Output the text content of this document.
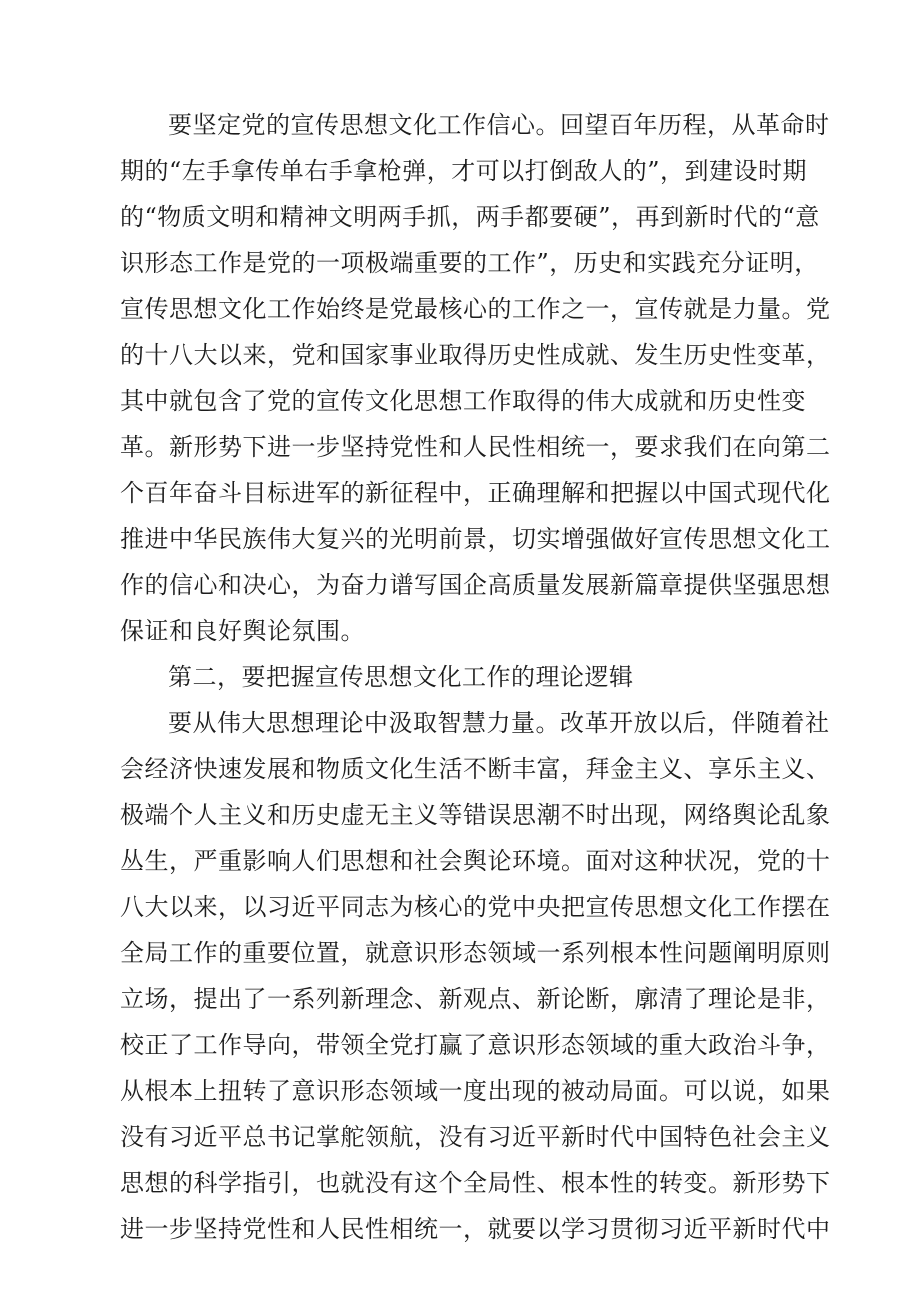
要坚定党的宣传思想文化工作信心。回望百年历程，从革命时
期的“左手拿传单右手拿枪弹，才可以打倒敌人的”，到建设时期
的“物质文明和精神文明两手抓，两手都要硬”，再到新时代的“意
识形态工作是党的一项极端重要的工作”，历史和实践充分证明，
宣传思想文化工作始终是党最核心的工作之一，宣传就是力量。党
的十八大以来，党和国家事业取得历史性成就、发生历史性变革，
其中就包含了党的宣传文化思想工作取得的伟大成就和历史性变
革。新形势下进一步坚持党性和人民性相统一，要求我们在向第二
个百年奋斗目标进军的新征程中，正确理解和把握以中国式现代化
推进中华民族伟大复兴的光明前景，切实增强做好宣传思想文化工
作的信心和决心，为奋力谱写国企高质量发展新篇章提供坚强思想
保证和良好舆论氛围。
第二，要把握宣传思想文化工作的理论逻辑
要从伟大思想理论中汲取智慧力量。改革开放以后，伴随着社
会经济快速发展和物质文化生活不断丰富，拜金主义、享乐主义、
极端个人主义和历史虚无主义等错误思潮不时出现，网络舆论乱象
丛生，严重影响人们思想和社会舆论环境。面对这种状况，党的十
八大以来，以习近平同志为核心的党中央把宣传思想文化工作摆在
全局工作的重要位置，就意识形态领域一系列根本性问题阐明原则
立场，提出了一系列新理念、新观点、新论断，廓清了理论是非，
校正了工作导向，带领全党打赢了意识形态领域的重大政治斗争，
从根本上扭转了意识形态领域一度出现的被动局面。可以说，如果
没有习近平总书记掌舵领航，没有习近平新时代中国特色社会主义
思想的科学指引，也就没有这个全局性、根本性的转变。新形势下
进一步坚持党性和人民性相统一，就要以学习贯彻习近平新时代中
